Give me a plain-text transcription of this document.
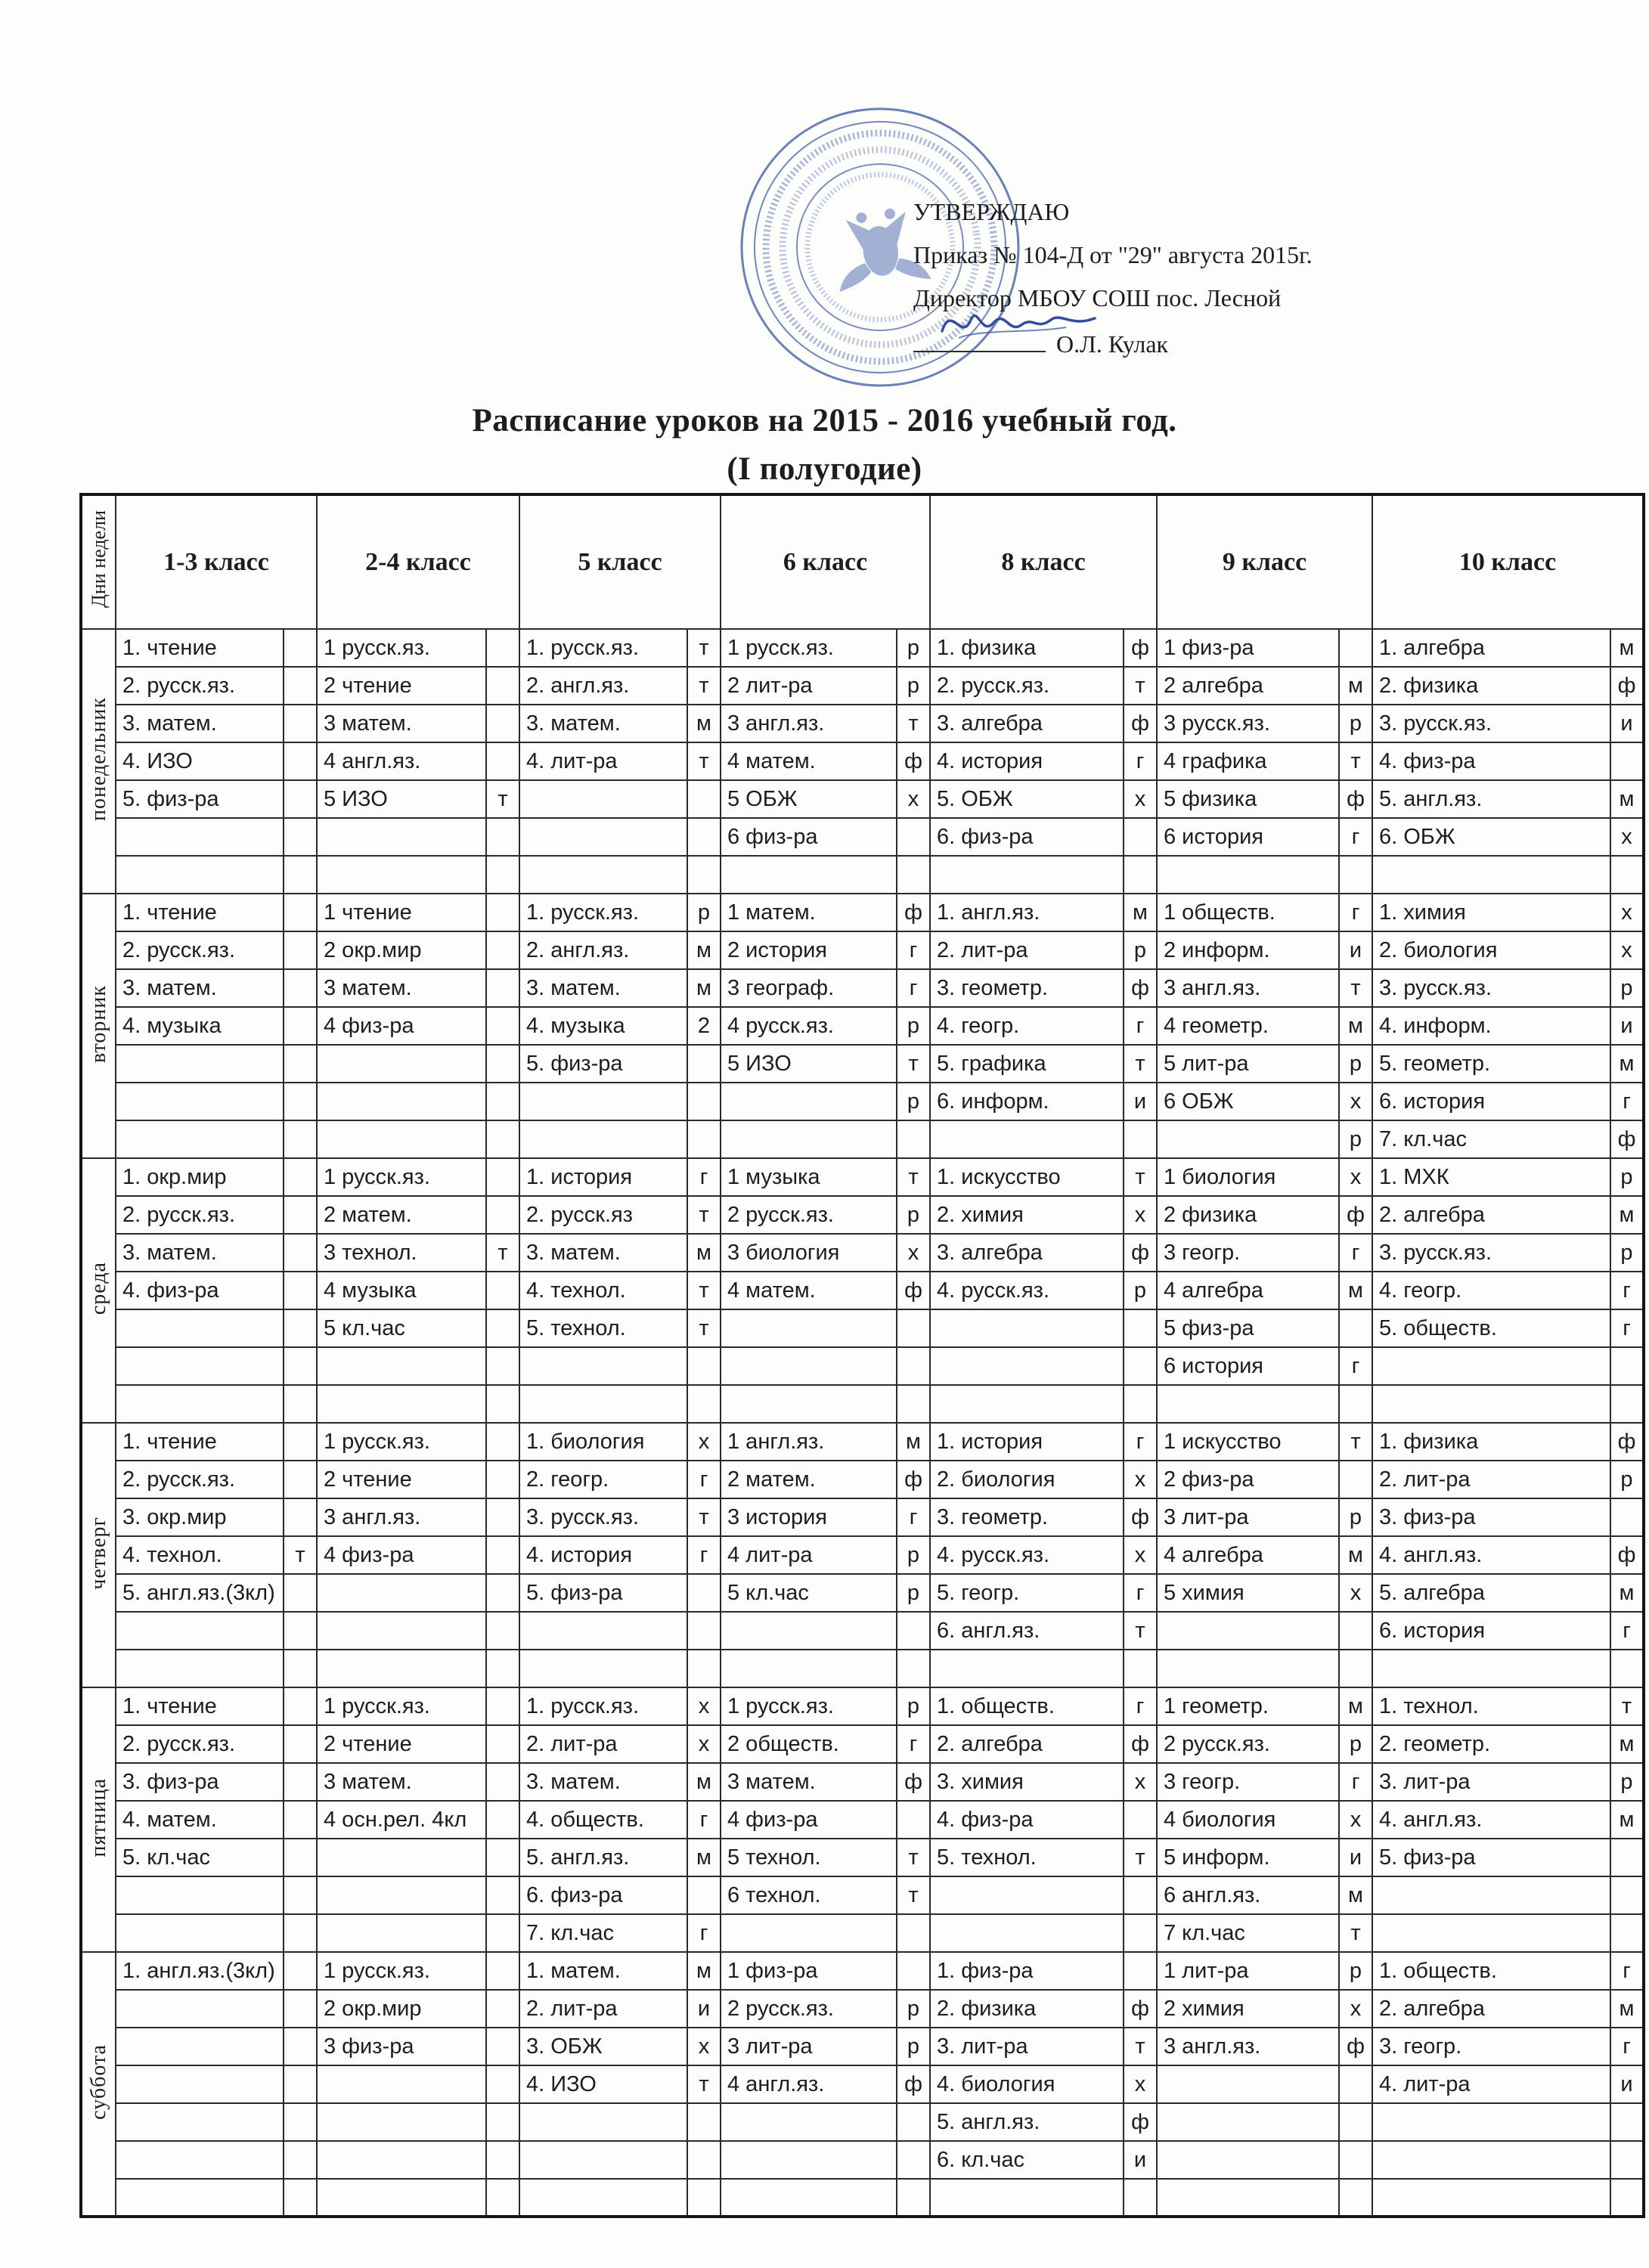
УТВЕРЖДАЮ
Приказ № 104-Д от "29" августа 2015г.
Директор МБОУ СОШ пос. Лесной
О.Л. Кулак
Расписание уроков на 2015 - 2016 учебный год.
(I полугодие)
Дни недели	1-3 класс		2-4 класс		5 класс		6 класс		8 класс		9 класс		10 класс	
понедельник	1. чтение		1 русск.яз.		1. русск.яз.	т	1 русск.яз.	р	1. физика	ф	1 физ-ра		1. алгебра	м
	2. русск.яз.		2 чтение		2. англ.яз.	т	2 лит-ра	р	2. русск.яз.	т	2 алгебра	м	2. физика	ф
	3. матем.		3 матем.		3. матем.	м	3 англ.яз.	т	3. алгебра	ф	3 русск.яз.	р	3. русск.яз.	и
	4. ИЗО		4 англ.яз.		4. лит-ра	т	4 матем.	ф	4. история	г	4 графика	т	4. физ-ра	
	5. физ-ра		5 ИЗО	т			5 ОБЖ	х	5. ОБЖ	х	5 физика	ф	5. англ.яз.	м
							6 физ-ра		6. физ-ра		6 история	г	6. ОБЖ	х

вторник	1. чтение		1 чтение		1. русск.яз.	р	1 матем.	ф	1. англ.яз.	м	1 обществ.	г	1. химия	х
	2. русск.яз.		2 окр.мир		2. англ.яз.	м	2 история	г	2. лит-ра	р	2 информ.	и	2. биология	х
	3. матем.		3 матем.		3. матем.	м	3 географ.	г	3. геометр.	ф	3 англ.яз.	т	3. русск.яз.	р
	4. музыка		4 физ-ра		4. музыка	2	4 русск.яз.	р	4. геогр.	г	4 геометр.	м	4. информ.	и
					5. физ-ра		5 ИЗО	т	5. графика	т	5 лит-ра	р	5. геометр.	м
								р	6. информ.	и	6 ОБЖ	х	6. история	г
												р	7. кл.час	ф
среда	1. окр.мир		1 русск.яз.		1. история	г	1 музыка	т	1. искусство	т	1 биология	х	1. МХК	р
	2. русск.яз.		2 матем.		2. русск.яз	т	2 русск.яз.	р	2. химия	х	2 физика	ф	2. алгебра	м
	3. матем.		3 технол.	т	3. матем.	м	3 биология	х	3. алгебра	ф	3 геогр.	г	3. русск.яз.	р
	4. физ-ра		4 музыка		4. технол.	т	4 матем.	ф	4. русск.яз.	р	4 алгебра	м	4. геогр.	г
			5 кл.час		5. технол.	т					5 физ-ра		5. обществ.	г
											6 история	г		

четверг	1. чтение		1 русск.яз.		1. биология	х	1 англ.яз.	м	1. история	г	1 искусство	т	1. физика	ф
	2. русск.яз.		2 чтение		2. геогр.	г	2 матем.	ф	2. биология	х	2 физ-ра		2. лит-ра	р
	3. окр.мир		3 англ.яз.		3. русск.яз.	т	3 история	г	3. геометр.	ф	3 лит-ра	р	3. физ-ра	
	4. технол.	т	4 физ-ра		4. история	г	4 лит-ра	р	4. русск.яз.	х	4 алгебра	м	4. англ.яз.	ф
	5. англ.яз.(3кл)				5. физ-ра		5 кл.час	р	5. геогр.	г	5 химия	х	5. алгебра	м
									6. англ.яз.	т			6. история	г

пятница	1. чтение		1 русск.яз.		1. русск.яз.	х	1 русск.яз.	р	1. обществ.	г	1 геометр.	м	1. технол.	т
	2. русск.яз.		2 чтение		2. лит-ра	х	2 обществ.	г	2. алгебра	ф	2 русск.яз.	р	2. геометр.	м
	3. физ-ра		3 матем.		3. матем.	м	3 матем.	ф	3. химия	х	3 геогр.	г	3. лит-ра	р
	4. матем.		4 осн.рел. 4кл		4. обществ.	г	4 физ-ра		4. физ-ра		4 биология	х	4. англ.яз.	м
	5. кл.час				5. англ.яз.	м	5 технол.	т	5. технол.	т	5 информ.	и	5. физ-ра	
					6. физ-ра		6 технол.	т			6 англ.яз.	м		
					7. кл.час	г					7 кл.час	т		
суббота	1. англ.яз.(3кл)		1 русск.яз.		1. матем.	м	1 физ-ра		1. физ-ра		1 лит-ра	р	1. обществ.	г
			2 окр.мир		2. лит-ра	и	2 русск.яз.	р	2. физика	ф	2 химия	х	2. алгебра	м
			3 физ-ра		3. ОБЖ	х	3 лит-ра	р	3. лит-ра	т	3 англ.яз.	ф	3. геогр.	г
					4. ИЗО	т	4 англ.яз.	ф	4. биология	х			4. лит-ра	и
									5. англ.яз.	ф				
									6. кл.час	и				
